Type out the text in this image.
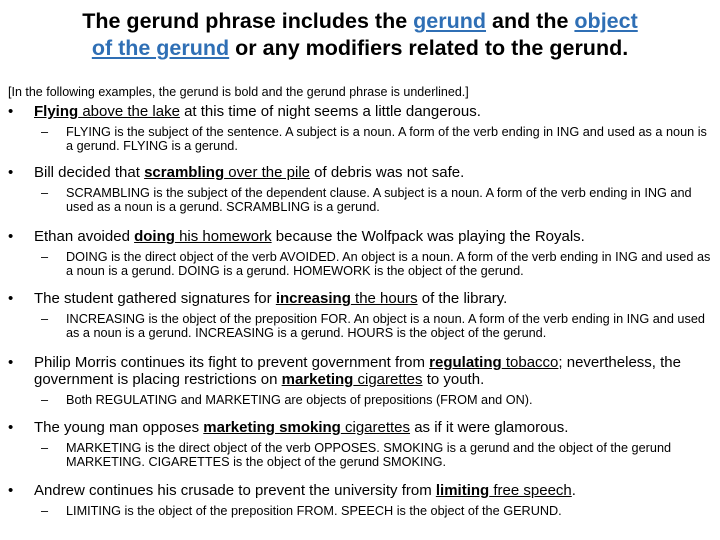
The gerund phrase includes the gerund and the object
of the gerund or any modifiers related to the gerund.

[In the following examples, the gerund is bold and the gerund phrase is underlined.]

• Flying above the lake at this time of night seems a little dangerous.
– FLYING is the subject of the sentence. A subject is a noun. A form of the verb ending in ING and used as a noun is a gerund. FLYING is a gerund.
• Bill decided that scrambling over the pile of debris was not safe.
– SCRAMBLING is the subject of the dependent clause. A subject is a noun. A form of the verb ending in ING and used as a noun is a gerund. SCRAMBLING is a gerund.
• Ethan avoided doing his homework because the Wolfpack was playing the Royals.
– DOING is the direct object of the verb AVOIDED. An object is a noun. A form of the verb ending in ING and used as a noun is a gerund. DOING is a gerund. HOMEWORK is the object of the gerund.
• The student gathered signatures for increasing the hours of the library.
– INCREASING is the object of the preposition FOR. An object is a noun. A form of the verb ending in ING and used as a noun is a gerund. INCREASING is a gerund. HOURS is the object of the gerund.
• Philip Morris continues its fight to prevent government from regulating tobacco; nevertheless, the government is placing restrictions on marketing cigarettes to youth.
– Both REGULATING and MARKETING are objects of prepositions (FROM and ON).
• The young man opposes marketing smoking cigarettes as if it were glamorous.
– MARKETING is the direct object of the verb OPPOSES. SMOKING is a gerund and the object of the gerund MARKETING. CIGARETTES is the object of the gerund SMOKING.
• Andrew continues his crusade to prevent the university from limiting free speech.
– LIMITING is the object of the preposition FROM. SPEECH is the object of the GERUND.
